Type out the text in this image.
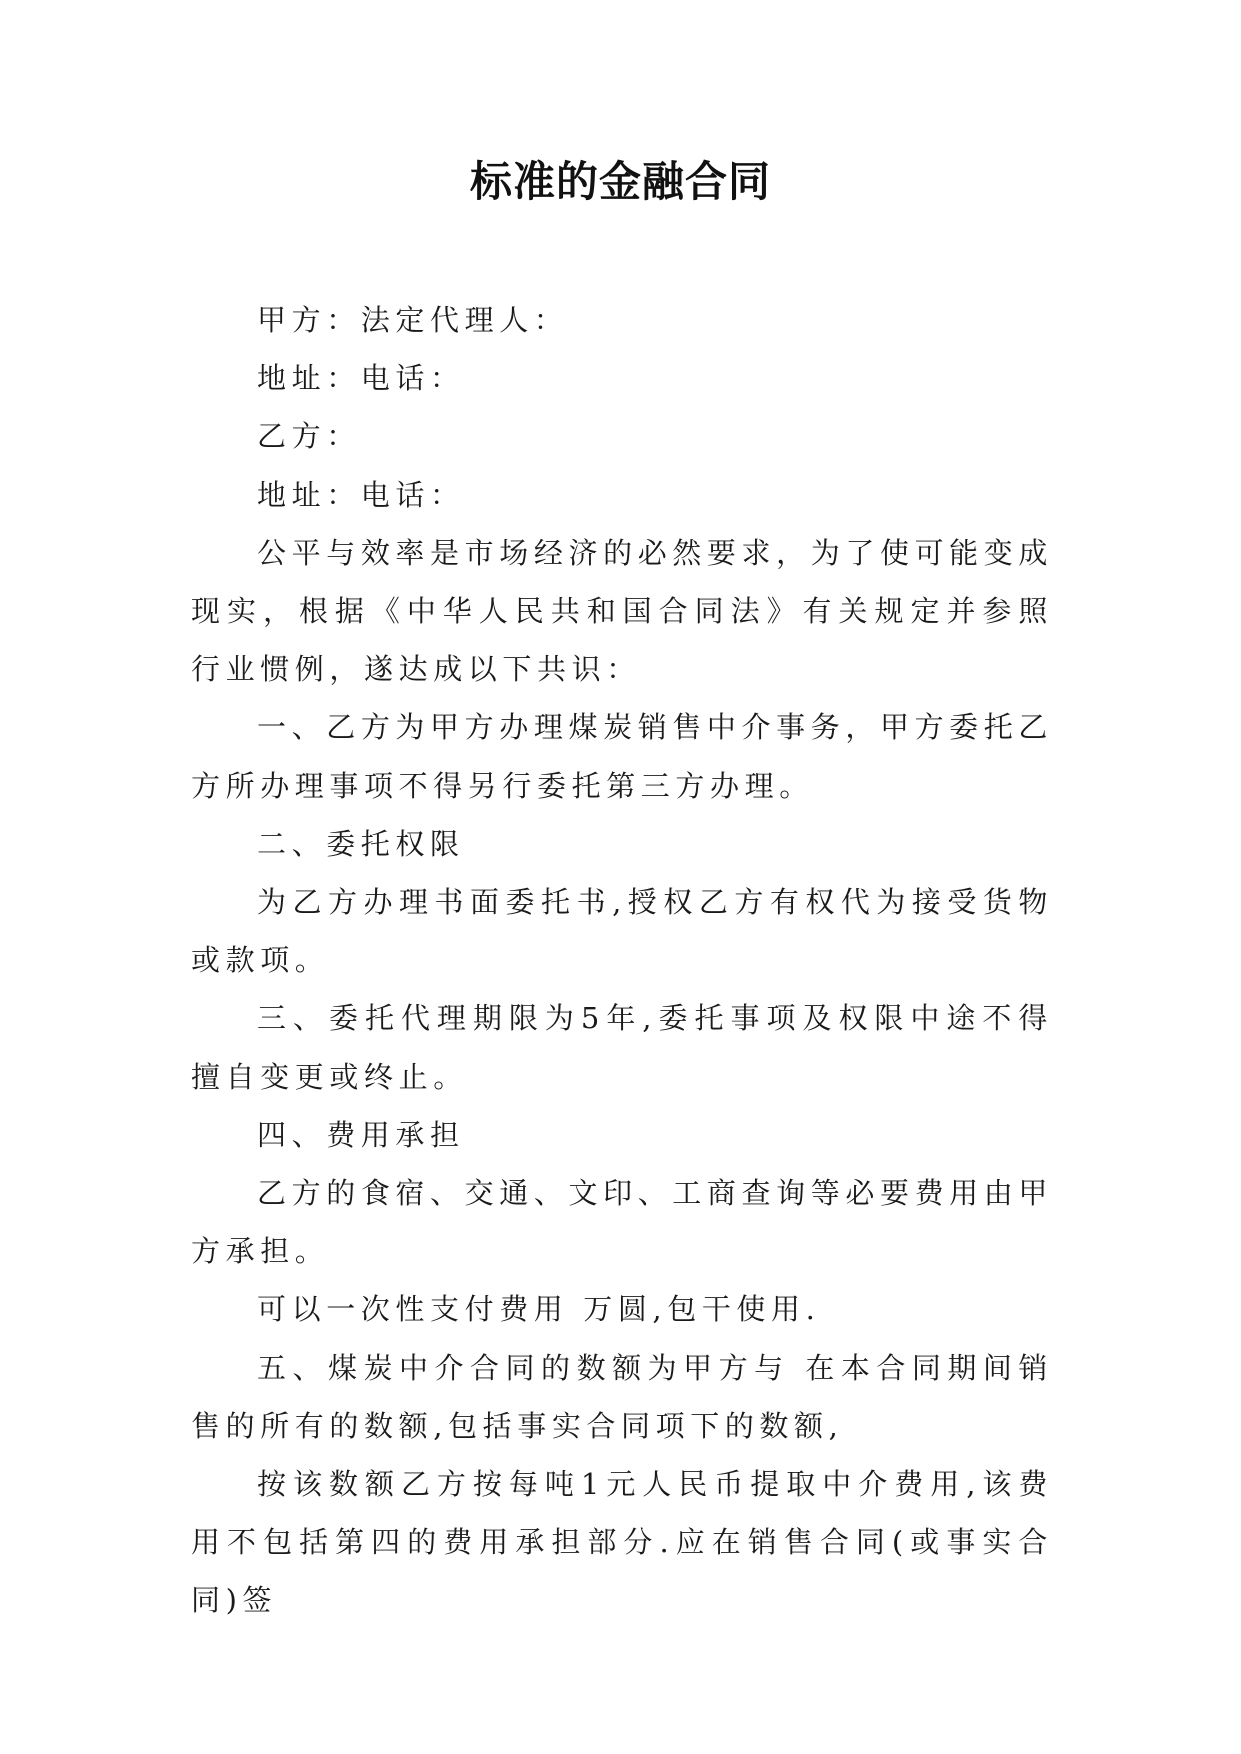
标准的金融合同

甲方：法定代理人：

地址：电话：

乙方：

地址：电话：

公平与效率是市场经济的必然要求，为了使可能变成现实，根据《中华人民共和国合同法》有关规定并参照行业惯例，遂达成以下共识：

一、乙方为甲方办理煤炭销售中介事务，甲方委托乙方所办理事项不得另行委托第三方办理。

二、委托权限

为乙方办理书面委托书,授权乙方有权代为接受货物或款项。

三、委托代理期限为5年,委托事项及权限中途不得擅自变更或终止。

四、费用承担

乙方的食宿、交通、文印、工商查询等必要费用由甲方承担。

可以一次性支付费用 万圆,包干使用.

五、煤炭中介合同的数额为甲方与 在本合同期间销售的所有的数额,包括事实合同项下的数额,

按该数额乙方按每吨1元人民币提取中介费用,该费用不包括第四的费用承担部分.应在销售合同(或事实合同)签
